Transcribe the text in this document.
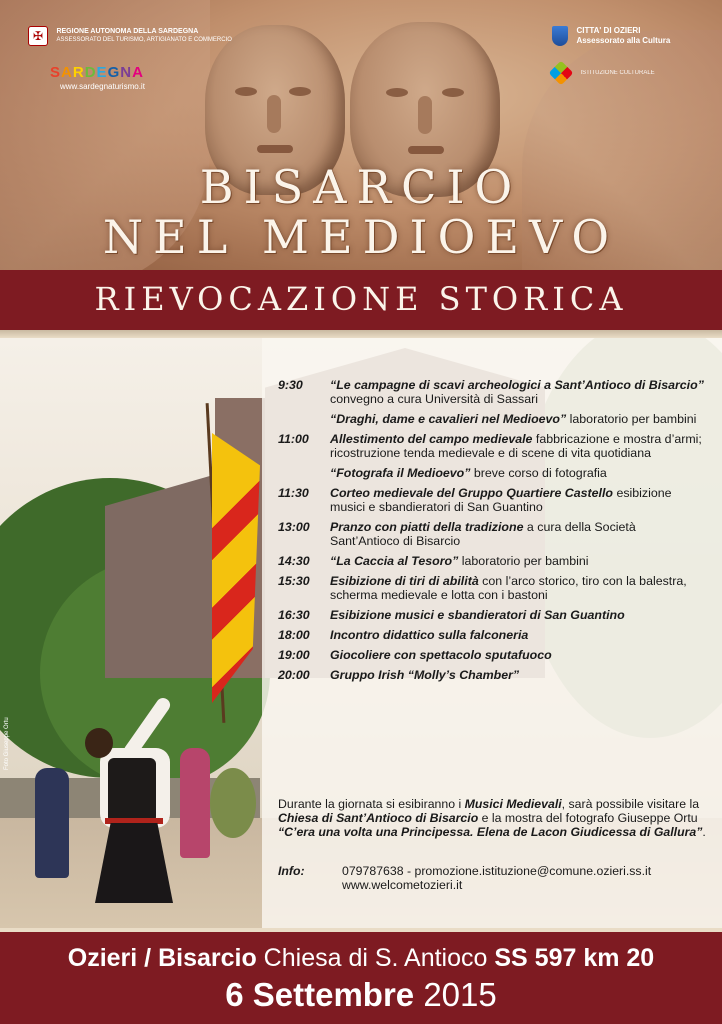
✠ REGIONE AUTONOMA DELLA SARDEGNA
ASSESSORATO DEL TURISMO, ARTIGIANATO E COMMERCIO
SARDEGNA
www.sardegnaturismo.it
CITTA' DI OZIERI
Assessorato alla Cultura
ISTITUZIONE CULTURALE
BISARCIO
NEL MEDIOEVO
RIEVOCAZIONE STORICA
Foto Giuseppe Ortu
9:30 “Le campagne di scavi archeologici a Sant’Antioco di Bisarcio” convegno a cura Università di Sassari
“Draghi, dame e cavalieri nel Medioevo” laboratorio per bambini
11:00 Allestimento del campo medievale fabbricazione e mostra d’armi; ricostruzione tenda medievale e di scene di vita quotidiana
“Fotografa il Medioevo” breve corso di fotografia
11:30 Corteo medievale del Gruppo Quartiere Castello esibizione musici e sbandieratori di San Guantino
13:00 Pranzo con piatti della tradizione a cura della Società Sant’Antioco di Bisarcio
14:30 “La Caccia al Tesoro” laboratorio per bambini
15:30 Esibizione di tiri di abilità con l’arco storico, tiro con la balestra, scherma medievale e lotta con i bastoni
16:30 Esibizione musici e sbandieratori di San Guantino
18:00 Incontro didattico sulla falconeria
19:00 Giocoliere con spettacolo sputafuoco
20:00 Gruppo Irish “Molly’s Chamber”
Durante la giornata si esibiranno i Musici Medievali, sarà possibile visitare la Chiesa di Sant’Antioco di Bisarcio e la mostra del fotografo Giuseppe Ortu “C’era una volta una Principessa. Elena de Lacon Giudicessa di Gallura”.
Info:	079787638 - promozione.istituzione@comune.ozieri.ss.it
www.welcometozieri.it
Ozieri / Bisarcio Chiesa di S. Antioco SS 597 km 20
6 Settembre 2015
